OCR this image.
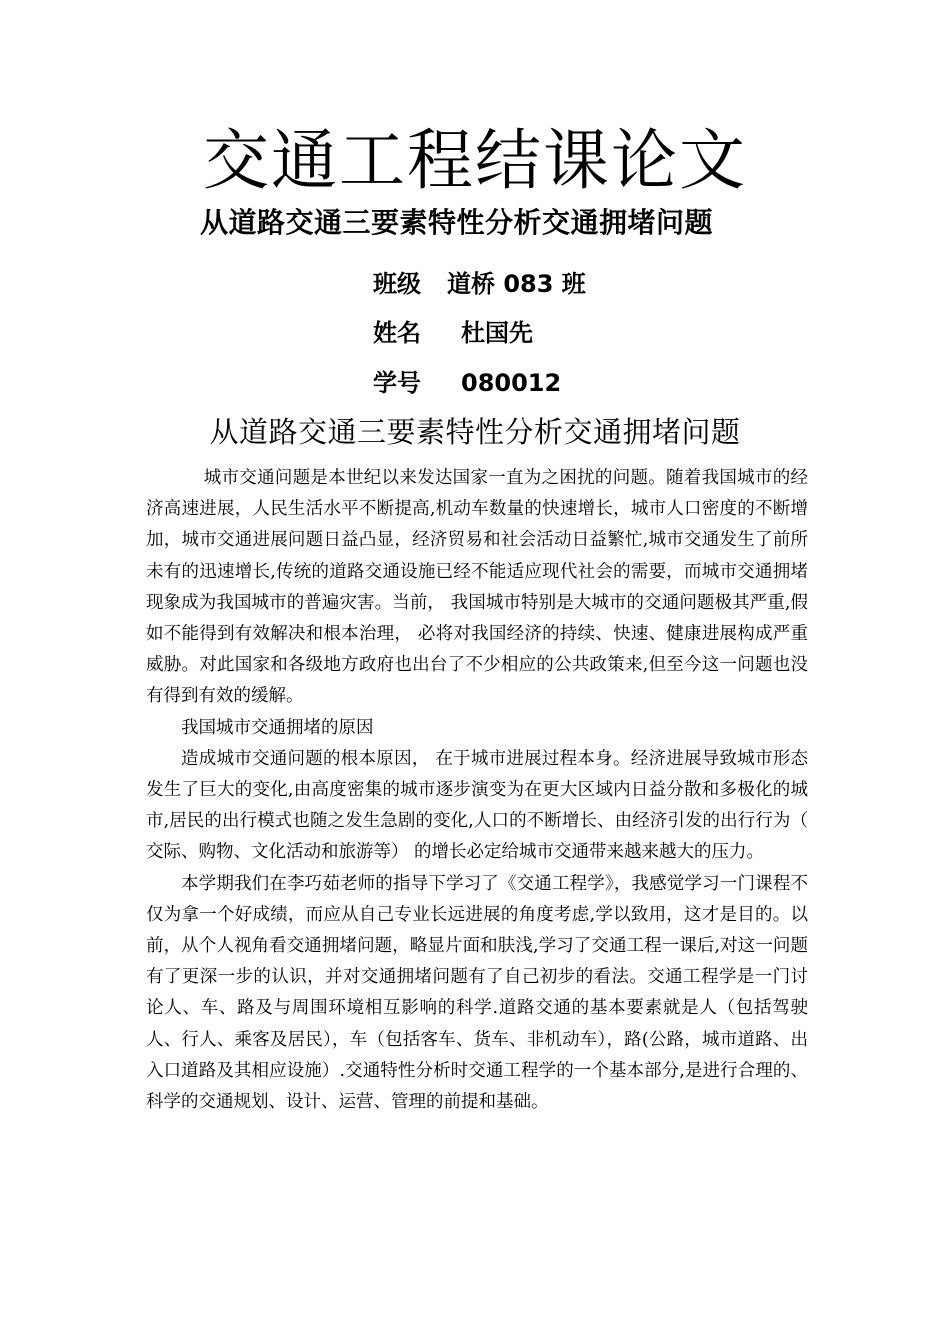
交通工程结课论文
从道路交通三要素特性分析交通拥堵问题
班级 道桥 083 班
姓名 杜国先
学号 080012
从道路交通三要素特性分析交通拥堵问题

城市交通问题是本世纪以来发达国家一直为之困扰的问题。随着我国城市的经济高速进展，人民生活水平不断提高,机动车数量的快速增长，城市人口密度的不断增加，城市交通进展问题日益凸显，经济贸易和社会活动日益繁忙,城市交通发生了前所未有的迅速增长,传统的道路交通设施已经不能适应现代社会的需要，而城市交通拥堵现象成为我国城市的普遍灾害。当前， 我国城市特别是大城市的交通问题极其严重,假如不能得到有效解决和根本治理， 必将对我国经济的持续、快速、健康进展构成严重威胁。对此国家和各级地方政府也出台了不少相应的公共政策来,但至今这一问题也没有得到有效的缓解。

我国城市交通拥堵的原因

造成城市交通问题的根本原因， 在于城市进展过程本身。经济进展导致城市形态发生了巨大的变化,由高度密集的城市逐步演变为在更大区域内日益分散和多极化的城市,居民的出行模式也随之发生急剧的变化,人口的不断增长、由经济引发的出行行为（ 交际、购物、文化活动和旅游等） 的增长必定给城市交通带来越来越大的压力。

本学期我们在李巧茹老师的指导下学习了《交通工程学》，我感觉学习一门课程不仅为拿一个好成绩，而应从自己专业长远进展的角度考虑,学以致用，这才是目的。以前，从个人视角看交通拥堵问题，略显片面和肤浅,学习了交通工程一课后,对这一问题有了更深一步的认识，并对交通拥堵问题有了自己初步的看法。交通工程学是一门讨论人、车、路及与周围环境相互影响的科学.道路交通的基本要素就是人（包括驾驶人、行人、乘客及居民），车（包括客车、货车、非机动车），路(公路，城市道路、出入口道路及其相应设施）.交通特性分析时交通工程学的一个基本部分,是进行合理的、科学的交通规划、设计、运营、管理的前提和基础。
